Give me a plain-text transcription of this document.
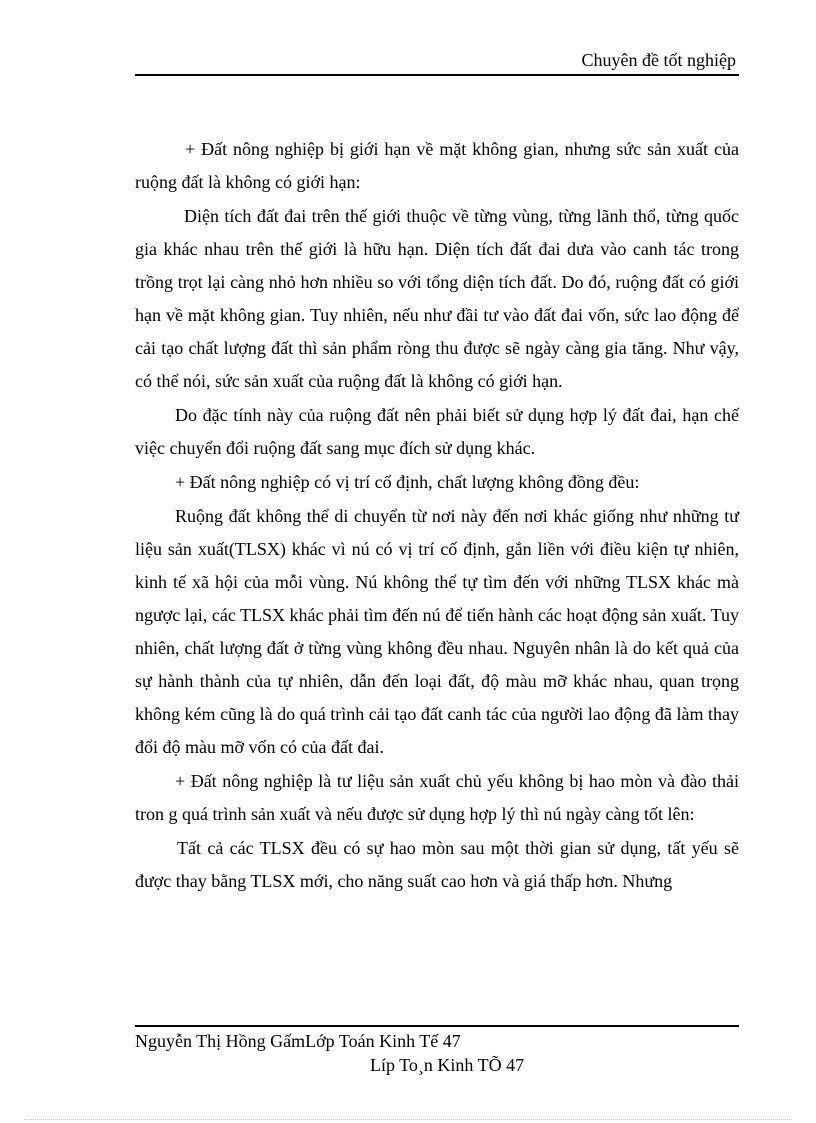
Chuyên đề tốt nghiệp

+ Đất nông nghiệp bị giới hạn về mặt không gian, nhưng sức sản xuất của ruộng đất là không có giới hạn:

Diện tích đất đai trên thế giới thuộc về từng vùng, từng lãnh thổ, từng quốc gia khác nhau trên thế giới là hữu hạn. Diện tích đất đai dưa vào canh tác trong trồng trọt lại càng nhỏ hơn nhiều so với tổng diện tích đất. Do đó, ruộng đất có giới hạn về mặt không gian. Tuy nhiên, nếu như đầi tư vào đất đai vốn, sức lao động để cải tạo chất lượng đất thì sản phẩm ròng thu được sẽ ngày càng gia tăng. Như vậy, có thể nói, sức sản xuất của ruộng đất là không có giới hạn.

Do đặc tính này của ruộng đất nên phải biết sử dụng hợp lý đất đai, hạn chế việc chuyển đổi ruộng đất sang mục đích sử dụng khác.

+ Đất nông nghiệp có vị trí cố định, chất lượng không đồng đều:

Ruộng đất không thể di chuyển từ nơi này đến nơi khác giống như những tư liệu sản xuất(TLSX) khác vì nú có vị trí cố định, gắn liền với điều kiện tự nhiên, kinh tế xã hội của mỗi vùng. Nú không thể tự tìm đến với những TLSX khác mà ngược lại, các TLSX khác phải tìm đến nú để tiến hành các hoạt động sản xuất. Tuy nhiên, chất lượng đất ở từng vùng không đều nhau. Nguyên nhân là do kết quả của sự hành thành của tự nhiên, dẫn đến loại đất, độ màu mỡ khác nhau, quan trọng không kém cũng là do quá trình cải tạo đất canh tác của người lao động đã làm thay đổi độ màu mỡ vốn có của đất đai.

+ Đất nông nghiệp là tư liệu sản xuất chủ yếu không bị hao mòn và đào thải tron g quá trình sản xuất và nếu được sử dụng hợp lý thì nú ngày càng tốt lên:

Tất cả các TLSX đều có sự hao mòn sau một thời gian sử dụng, tất yếu sẽ được thay bằng TLSX mới, cho năng suất cao hơn và giá thấp hơn. Nhưng

Nguyễn Thị Hồng GấmLớp Toán Kinh Tế 47
Líp To¸n Kinh TÕ 47
